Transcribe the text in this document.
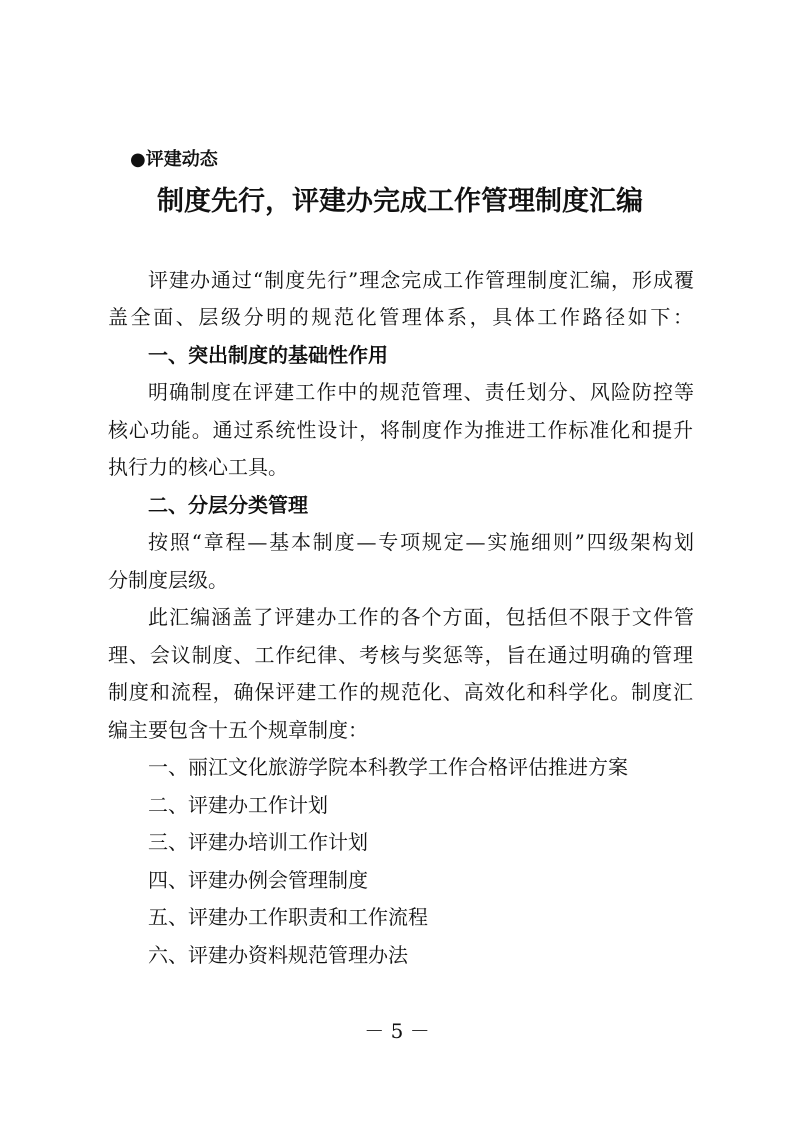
●评建动态
制度先行，评建办完成工作管理制度汇编
评建办通过“制度先行”理念完成工作管理制度汇编，形成覆
盖全面、层级分明的规范化管理体系，具体工作路径如下：
一、突出制度的基础性作用
明确制度在评建工作中的规范管理、责任划分、风险防控等
核心功能。通过系统性设计，将制度作为推进工作标准化和提升
执行力的核心工具。
二、分层分类管理
按照“章程—基本制度—专项规定—实施细则”四级架构划
分制度层级。
此汇编涵盖了评建办工作的各个方面，包括但不限于文件管
理、会议制度、工作纪律、考核与奖惩等，旨在通过明确的管理
制度和流程，确保评建工作的规范化、高效化和科学化。制度汇
编主要包含十五个规章制度：
一、丽江文化旅游学院本科教学工作合格评估推进方案
二、评建办工作计划
三、评建办培训工作计划
四、评建办例会管理制度
五、评建办工作职责和工作流程
六、评建办资料规范管理办法
－ 5 －
